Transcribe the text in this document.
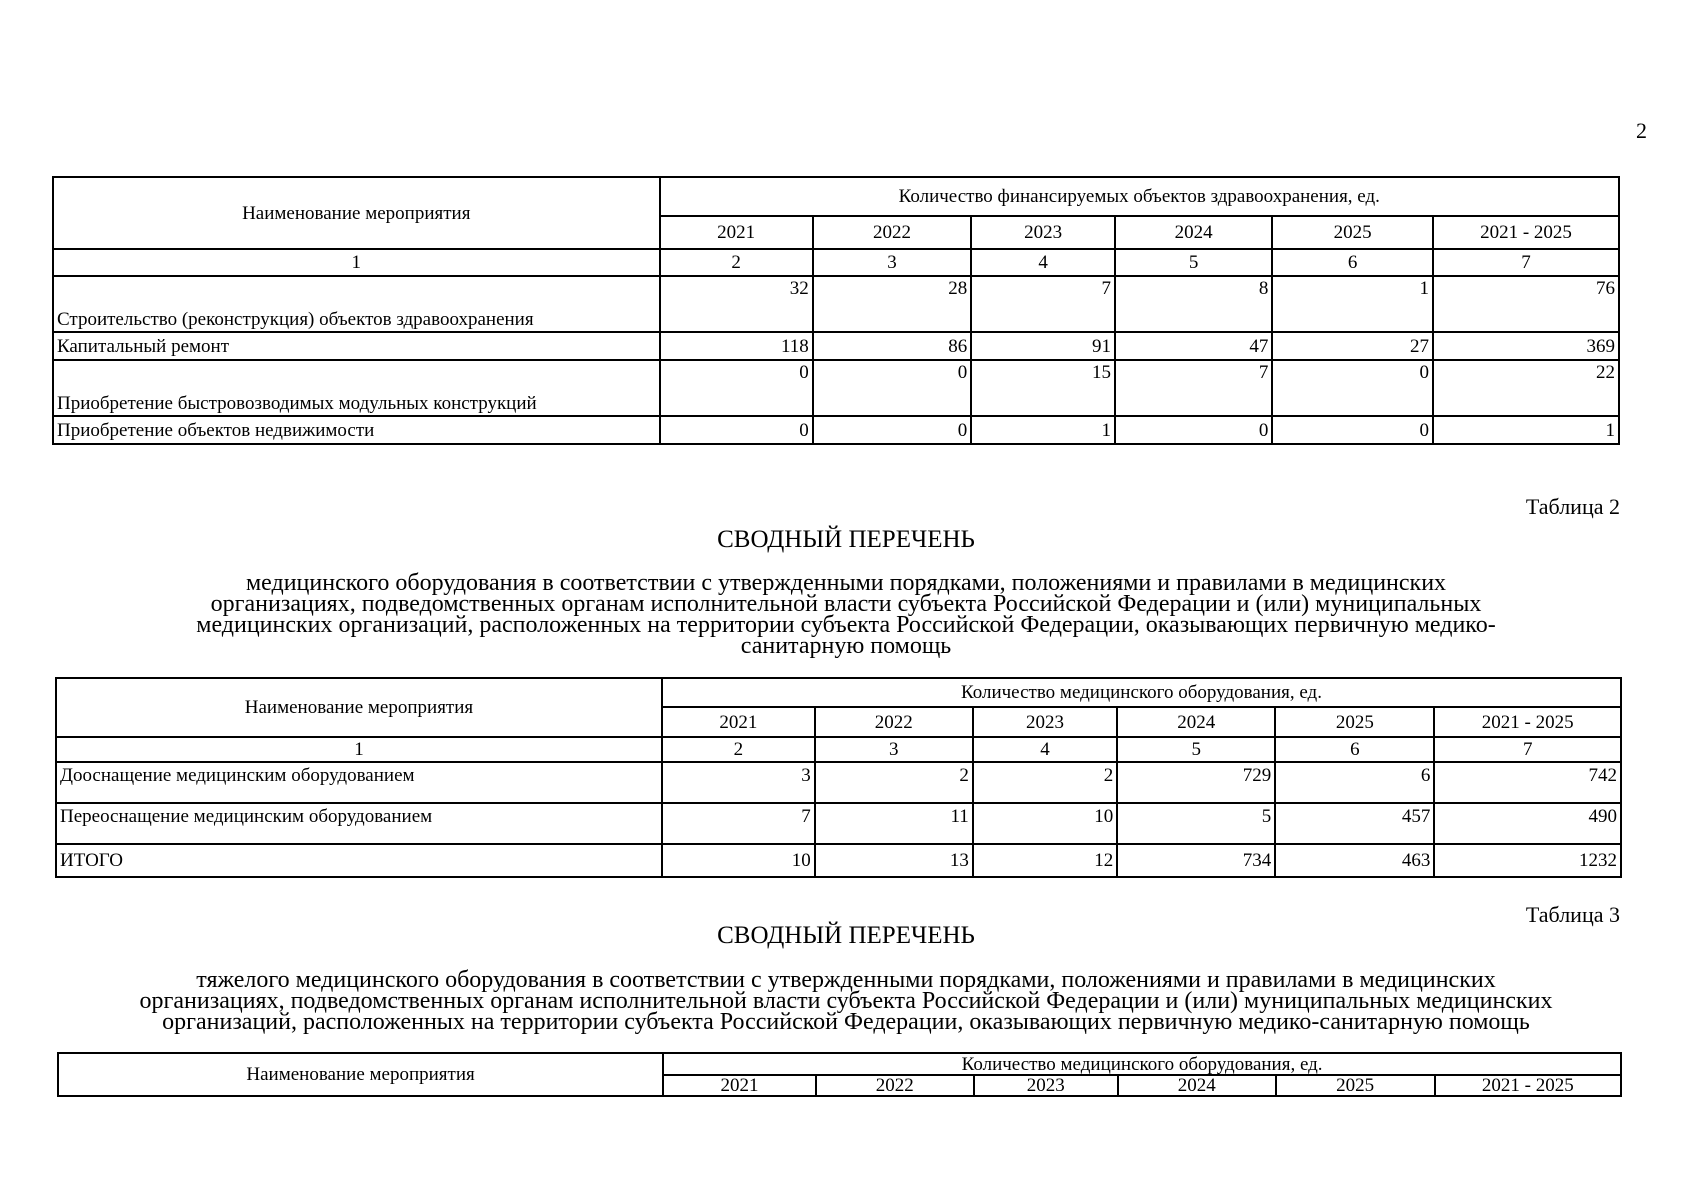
2
Наименование мероприятия	Количество финансируемых объектов здравоохранения, ед.					
	2021	2022	2023	2024	2025	2021 - 2025
1	2	3	4	5	6	7
Строительство (реконструкция) объектов здравоохранения	32	28	7	8	1	76
Капитальный ремонт	118	86	91	47	27	369
Приобретение быстровозводимых модульных конструкций	0	0	15	7	0	22
Приобретение объектов недвижимости	0	0	1	0	0	1
Таблица 2
СВОДНЫЙ ПЕРЕЧЕНЬ
медицинского оборудования в соответствии с утвержденными порядками, положениями и правилами в медицинских
организациях, подведомственных органам исполнительной власти субъекта Российской Федерации и (или) муниципальных
медицинских организаций, расположенных на территории субъекта Российской Федерации, оказывающих первичную медико-
санитарную помощь
Наименование мероприятия	Количество медицинского оборудования, ед.					
	2021	2022	2023	2024	2025	2021 - 2025
1	2	3	4	5	6	7
Дооснащение медицинским оборудованием	3	2	2	729	6	742
Переоснащение медицинским оборудованием	7	11	10	5	457	490
ИТОГО	10	13	12	734	463	1232
Таблица 3
СВОДНЫЙ ПЕРЕЧЕНЬ
тяжелого медицинского оборудования в соответствии с утвержденными порядками, положениями и правилами в медицинских
организациях, подведомственных органам исполнительной власти субъекта Российской Федерации и (или) муниципальных медицинских
организаций, расположенных на территории субъекта Российской Федерации, оказывающих первичную медико-санитарную помощь
Наименование мероприятия	Количество медицинского оборудования, ед.					
	2021	2022	2023	2024	2025	2021 - 2025
